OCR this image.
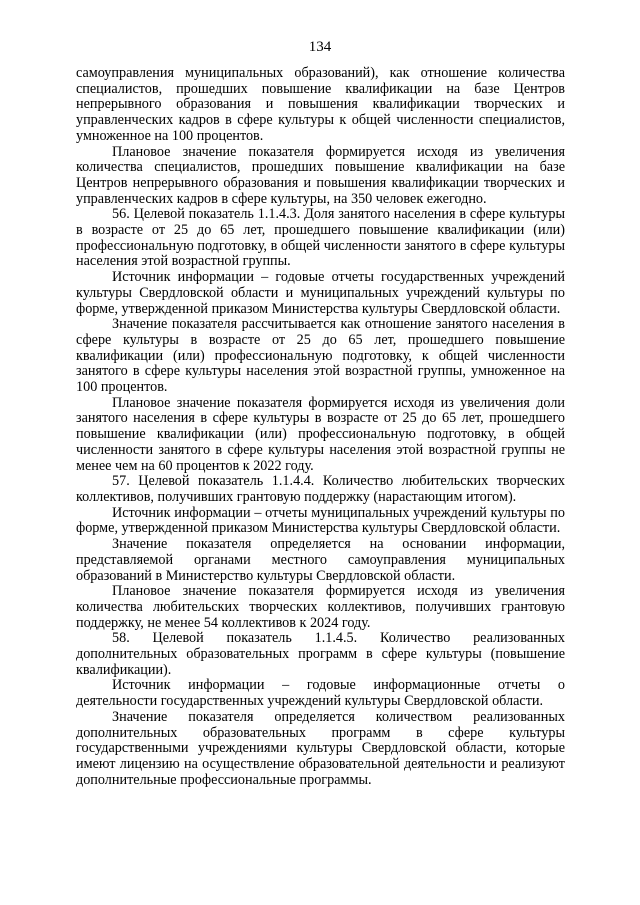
134

самоуправления муниципальных образований), как отношение количества специалистов, прошедших повышение квалификации на базе Центров непрерывного образования и повышения квалификации творческих и управленческих кадров в сфере культуры к общей численности специалистов, умноженное на 100 процентов.

Плановое значение показателя формируется исходя из увеличения количества специалистов, прошедших повышение квалификации на базе Центров непрерывного образования и повышения квалификации творческих и управленческих кадров в сфере культуры, на 350 человек ежегодно.

56. Целевой показатель 1.1.4.3. Доля занятого населения в сфере культуры в возрасте от 25 до 65 лет, прошедшего повышение квалификации (или) профессиональную подготовку, в общей численности занятого в сфере культуры населения этой возрастной группы.

Источник информации – годовые отчеты государственных учреждений культуры Свердловской области и муниципальных учреждений культуры по форме, утвержденной приказом Министерства культуры Свердловской области.

Значение показателя рассчитывается как отношение занятого населения в сфере культуры в возрасте от 25 до 65 лет, прошедшего повышение квалификации (или) профессиональную подготовку, к общей численности занятого в сфере культуры населения этой возрастной группы, умноженное на 100 процентов.

Плановое значение показателя формируется исходя из увеличения доли занятого населения в сфере культуры в возрасте от 25 до 65 лет, прошедшего повышение квалификации (или) профессиональную подготовку, в общей численности занятого в сфере культуры населения этой возрастной группы не менее чем на 60 процентов к 2022 году.

57. Целевой показатель 1.1.4.4. Количество любительских творческих коллективов, получивших грантовую поддержку (нарастающим итогом).

Источник информации – отчеты муниципальных учреждений культуры по форме, утвержденной приказом Министерства культуры Свердловской области.

Значение показателя определяется на основании информации, представляемой органами местного самоуправления муниципальных образований в Министерство культуры Свердловской области.

Плановое значение показателя формируется исходя из увеличения количества любительских творческих коллективов, получивших грантовую поддержку, не менее 54 коллективов к 2024 году.

58. Целевой показатель 1.1.4.5. Количество реализованных дополнительных образовательных программ в сфере культуры (повышение квалификации).

Источник информации – годовые информационные отчеты о деятельности государственных учреждений культуры Свердловской области.

Значение показателя определяется количеством реализованных дополнительных образовательных программ в сфере культуры государственными учреждениями культуры Свердловской области, которые имеют лицензию на осуществление образовательной деятельности и реализуют дополнительные профессиональные программы.
